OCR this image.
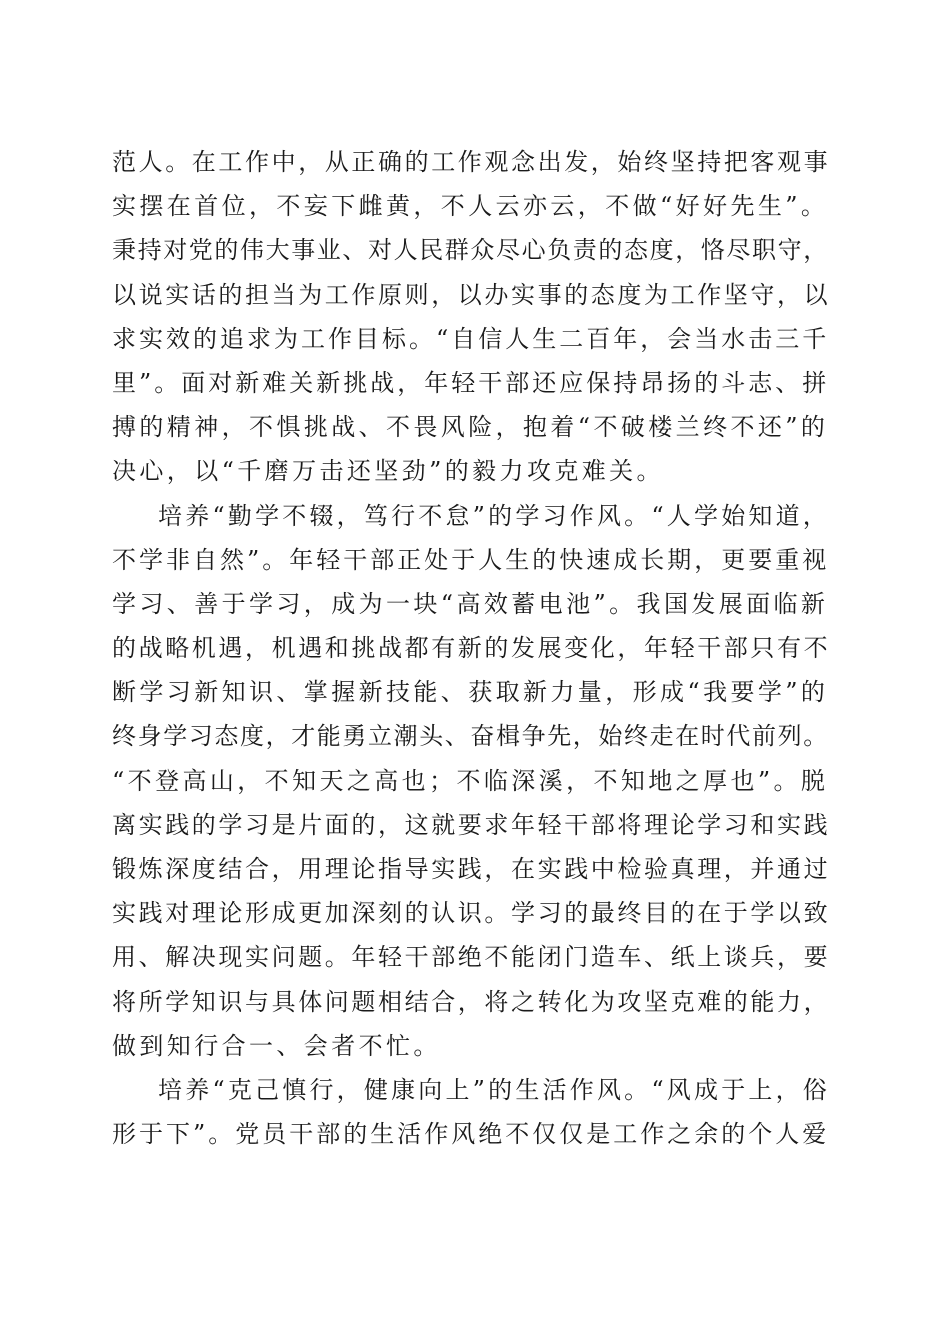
范人。在工作中，从正确的工作观念出发，始终坚持把客观事
实摆在首位，不妄下雌黄，不人云亦云，不做“好好先生”。
秉持对党的伟大事业、对人民群众尽心负责的态度，恪尽职守，
以说实话的担当为工作原则，以办实事的态度为工作坚守，以
求实效的追求为工作目标。“自信人生二百年，会当水击三千
里”。面对新难关新挑战，年轻干部还应保持昂扬的斗志、拼
搏的精神，不惧挑战、不畏风险，抱着“不破楼兰终不还”的
决心，以“千磨万击还坚劲”的毅力攻克难关。
培养“勤学不辍，笃行不怠”的学习作风。“人学始知道，
不学非自然”。年轻干部正处于人生的快速成长期，更要重视
学习、善于学习，成为一块“高效蓄电池”。我国发展面临新
的战略机遇，机遇和挑战都有新的发展变化，年轻干部只有不
断学习新知识、掌握新技能、获取新力量，形成“我要学”的
终身学习态度，才能勇立潮头、奋楫争先，始终走在时代前列。
“不登高山，不知天之高也；不临深溪，不知地之厚也”。脱
离实践的学习是片面的，这就要求年轻干部将理论学习和实践
锻炼深度结合，用理论指导实践，在实践中检验真理，并通过
实践对理论形成更加深刻的认识。学习的最终目的在于学以致
用、解决现实问题。年轻干部绝不能闭门造车、纸上谈兵，要
将所学知识与具体问题相结合，将之转化为攻坚克难的能力，
做到知行合一、会者不忙。
培养“克己慎行，健康向上”的生活作风。“风成于上，俗
形于下”。党员干部的生活作风绝不仅仅是工作之余的个人爱
